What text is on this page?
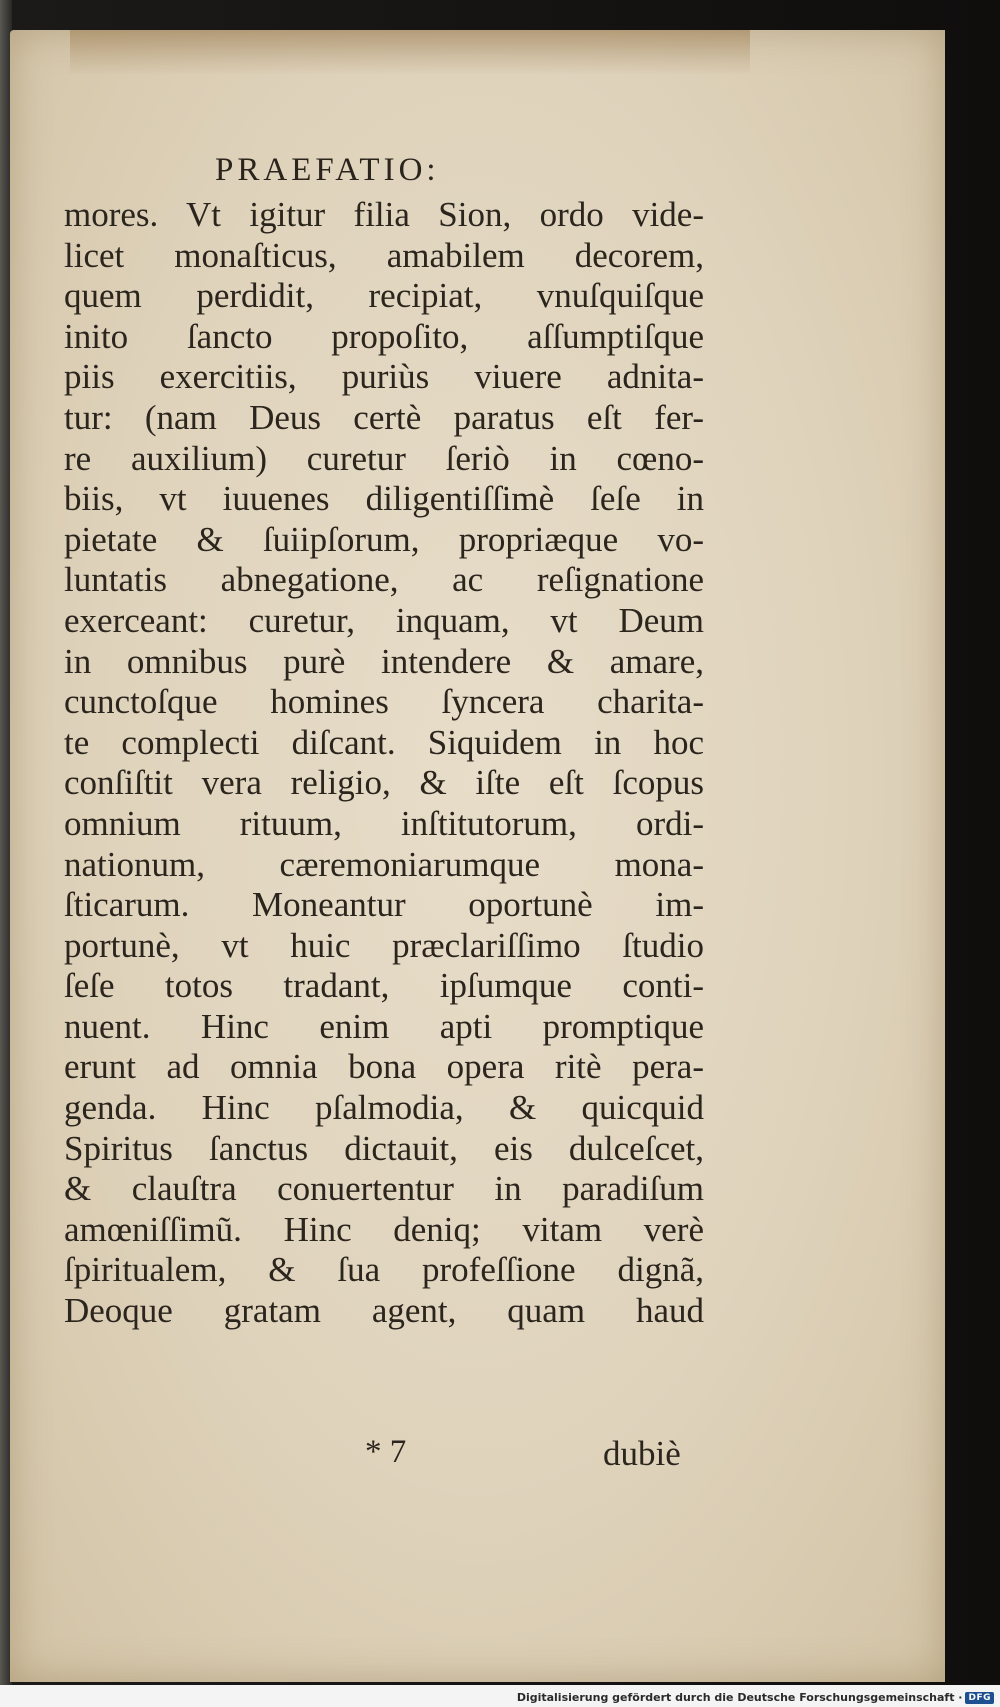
PRAEFATIO:
mores. Vt igitur filia Sion, ordo vide-
licet monaſticus, amabilem decorem,
quem perdidit, recipiat, vnuſquiſque
inito ſancto propoſito, aſſumptiſque
piis exercitiis, puriùs viuere adnita-
tur: (nam Deus certè paratus eſt fer-
re auxilium) curetur ſeriò in cœno-
biis, vt iuuenes diligentiſſimè ſeſe in
pietate & ſuiipſorum, propriæque vo-
luntatis abnegatione, ac reſignatione
exerceant: curetur, inquam, vt Deum
in omnibus purè intendere & amare,
cunctoſque homines ſyncera charita-
te complecti diſcant. Siquidem in hoc
conſiſtit vera religio, & iſte eſt ſcopus
omnium rituum, inſtitutorum, ordi-
nationum, cæremoniarumque mona-
ſticarum. Moneantur oportunè im-
portunè, vt huic præclariſſimo ſtudio
ſeſe totos tradant, ipſumque conti-
nuent. Hinc enim apti promptique
erunt ad omnia bona opera ritè pera-
genda. Hinc pſalmodia, & quicquid
Spiritus ſanctus dictauit, eis dulceſcet,
& clauſtra conuertentur in paradiſum
amœniſſimũ. Hinc deniq; vitam verè
ſpiritualem, & ſua profeſſione dignã,
Deoque gratam agent, quam haud
* 7	dubiè
Digitalisierung gefördert durch die Deutsche Forschungsgemeinschaft · DFG
